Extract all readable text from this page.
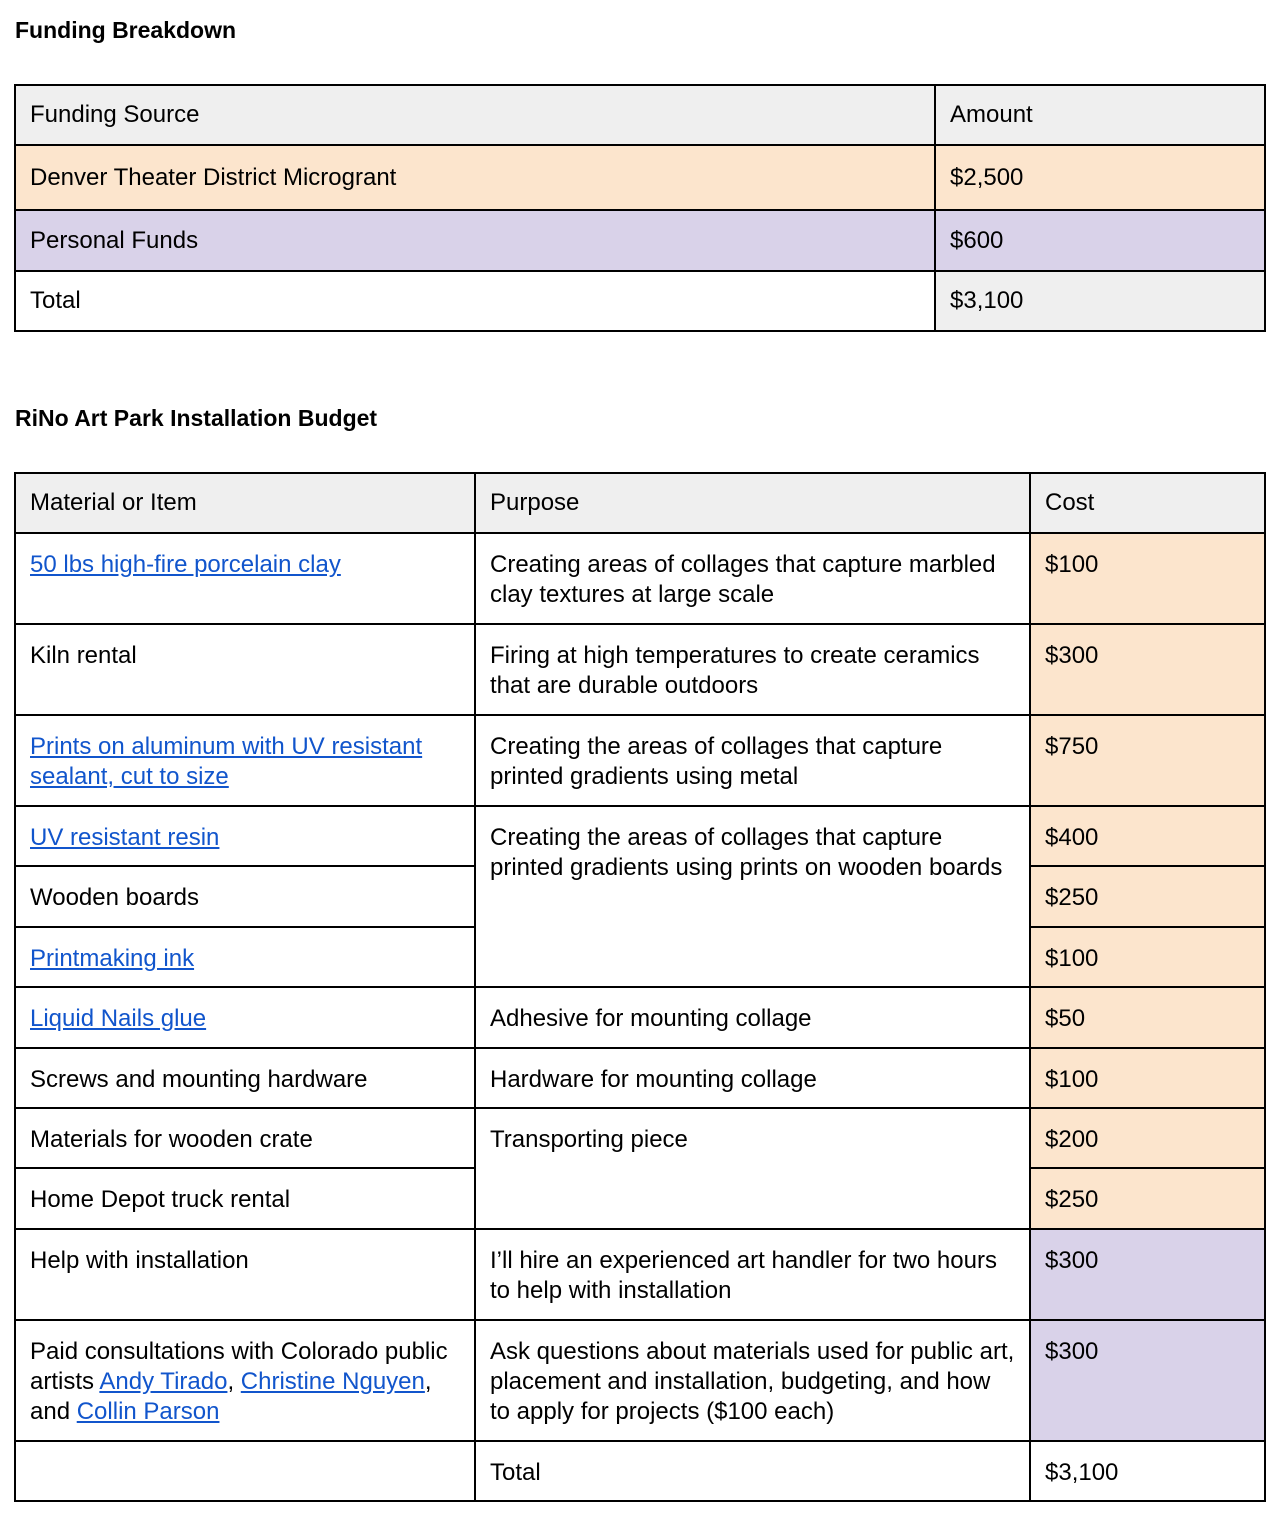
Funding Breakdown
Funding Source	Amount
Denver Theater District Microgrant	$2,500
Personal Funds	$600
Total	$3,100
RiNo Art Park Installation Budget
Material or Item	Purpose	Cost
50 lbs high-fire porcelain clay	Creating areas of collages that capture marbled clay textures at large scale	$100
Kiln rental	Firing at high temperatures to create ceramics that are durable outdoors	$300
Prints on aluminum with UV resistant sealant, cut to size	Creating the areas of collages that capture printed gradients using metal	$750
UV resistant resin	Creating the areas of collages that capture printed gradients using prints on wooden boards	$400
Wooden boards		$250
Printmaking ink		$100
Liquid Nails glue	Adhesive for mounting collage	$50
Screws and mounting hardware	Hardware for mounting collage	$100
Materials for wooden crate	Transporting piece	$200
Home Depot truck rental		$250
Help with installation	I’ll hire an experienced art handler for two hours to help with installation	$300
Paid consultations with Colorado public artists Andy Tirado, Christine Nguyen, and Collin Parson	Ask questions about materials used for public art, placement and installation, budgeting, and how to apply for projects ($100 each)	$300
	Total	$3,100
